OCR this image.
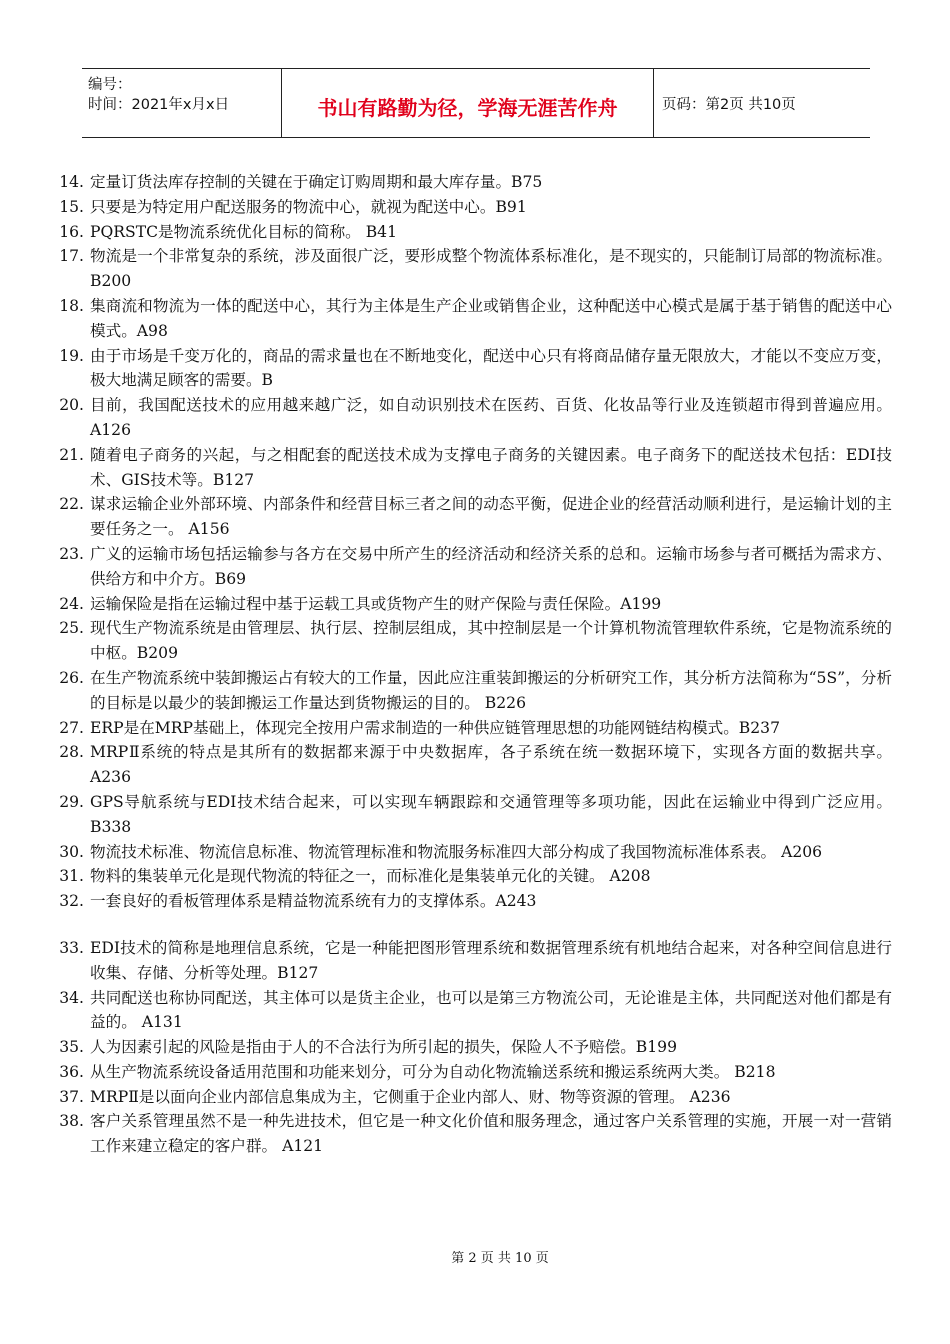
编号：
时间：2021年x月x日	书山有路勤为径，学海无涯苦作舟	页码：第2页 共10页
14. 定量订货法库存控制的关键在于确定订购周期和最大库存量。B75
15. 只要是为特定用户配送服务的物流中心，就视为配送中心。B91
16. PQRSTC是物流系统优化目标的简称。 B41
17. 物流是一个非常复杂的系统，涉及面很广泛，要形成整个物流体系标准化，是不现实的，只能制订局部的物流标准。B200
18. 集商流和物流为一体的配送中心，其行为主体是生产企业或销售企业，这种配送中心模式是属于基于销售的配送中心模式。A98
19. 由于市场是千变万化的，商品的需求量也在不断地变化，配送中心只有将商品储存量无限放大，才能以不变应万变，极大地满足顾客的需要。B
20. 目前，我国配送技术的应用越来越广泛，如自动识别技术在医药、百货、化妆品等行业及连锁超市得到普遍应用。 A126
21. 随着电子商务的兴起，与之相配套的配送技术成为支撑电子商务的关键因素。电子商务下的配送技术包括：EDI技术、GIS技术等。B127
22. 谋求运输企业外部环境、内部条件和经营目标三者之间的动态平衡，促进企业的经营活动顺利进行，是运输计划的主要任务之一。 A156
23. 广义的运输市场包括运输参与各方在交易中所产生的经济活动和经济关系的总和。运输市场参与者可概括为需求方、供给方和中介方。B69
24. 运输保险是指在运输过程中基于运载工具或货物产生的财产保险与责任保险。A199
25. 现代生产物流系统是由管理层、执行层、控制层组成，其中控制层是一个计算机物流管理软件系统，它是物流系统的中枢。B209
26. 在生产物流系统中装卸搬运占有较大的工作量，因此应注重装卸搬运的分析研究工作，其分析方法简称为“5S”，分析的目标是以最少的装卸搬运工作量达到货物搬运的目的。 B226
27. ERP是在MRP基础上，体现完全按用户需求制造的一种供应链管理思想的功能网链结构模式。B237
28. MRPⅡ系统的特点是其所有的数据都来源于中央数据库，各子系统在统一数据环境下，实现各方面的数据共享。A236
29. GPS导航系统与EDI技术结合起来，可以实现车辆跟踪和交通管理等多项功能，因此在运输业中得到广泛应用。 B338
30. 物流技术标准、物流信息标准、物流管理标准和物流服务标准四大部分构成了我国物流标准体系表。 A206
31. 物料的集装单元化是现代物流的特征之一，而标准化是集装单元化的关键。 A208
32. 一套良好的看板管理体系是精益物流系统有力的支撑体系。A243
33. EDI技术的简称是地理信息系统，它是一种能把图形管理系统和数据管理系统有机地结合起来，对各种空间信息进行收集、存储、分析等处理。B127
34. 共同配送也称协同配送，其主体可以是货主企业，也可以是第三方物流公司，无论谁是主体，共同配送对他们都是有益的。 A131
35. 人为因素引起的风险是指由于人的不合法行为所引起的损失，保险人不予赔偿。B199
36. 从生产物流系统设备适用范围和功能来划分，可分为自动化物流输送系统和搬运系统两大类。 B218
37. MRPⅡ是以面向企业内部信息集成为主，它侧重于企业内部人、财、物等资源的管理。 A236
38. 客户关系管理虽然不是一种先进技术，但它是一种文化价值和服务理念，通过客户关系管理的实施，开展一对一营销工作来建立稳定的客户群。 A121
第 2 页 共 10 页
